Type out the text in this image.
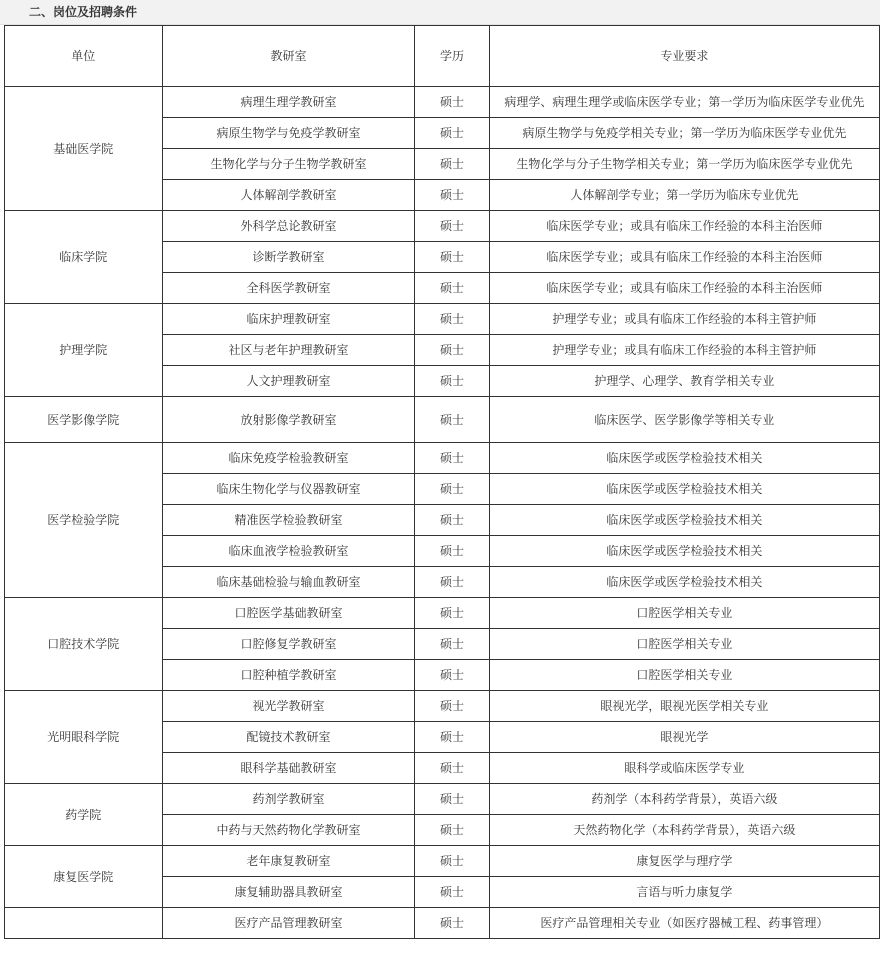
二、岗位及招聘条件
单位	教研室	学历	专业要求
基础医学院	病理生理学教研室	硕士	病理学、病理生理学或临床医学专业；第一学历为临床医学专业优先
	病原生物学与免疫学教研室	硕士	病原生物学与免疫学相关专业；第一学历为临床医学专业优先
	生物化学与分子生物学教研室	硕士	生物化学与分子生物学相关专业；第一学历为临床医学专业优先
	人体解剖学教研室	硕士	人体解剖学专业；第一学历为临床专业优先
临床学院	外科学总论教研室	硕士	临床医学专业；或具有临床工作经验的本科主治医师
	诊断学教研室	硕士	临床医学专业；或具有临床工作经验的本科主治医师
	全科医学教研室	硕士	临床医学专业；或具有临床工作经验的本科主治医师
护理学院	临床护理教研室	硕士	护理学专业；或具有临床工作经验的本科主管护师
	社区与老年护理教研室	硕士	护理学专业；或具有临床工作经验的本科主管护师
	人文护理教研室	硕士	护理学、心理学、教育学相关专业
医学影像学院	放射影像学教研室	硕士	临床医学、医学影像学等相关专业
医学检验学院	临床免疫学检验教研室	硕士	临床医学或医学检验技术相关
	临床生物化学与仪器教研室	硕士	临床医学或医学检验技术相关
	精准医学检验教研室	硕士	临床医学或医学检验技术相关
	临床血液学检验教研室	硕士	临床医学或医学检验技术相关
	临床基础检验与输血教研室	硕士	临床医学或医学检验技术相关
口腔技术学院	口腔医学基础教研室	硕士	口腔医学相关专业
	口腔修复学教研室	硕士	口腔医学相关专业
	口腔种植学教研室	硕士	口腔医学相关专业
光明眼科学院	视光学教研室	硕士	眼视光学，眼视光医学相关专业
	配镜技术教研室	硕士	眼视光学
	眼科学基础教研室	硕士	眼科学或临床医学专业
药学院	药剂学教研室	硕士	药剂学（本科药学背景），英语六级
	中药与天然药物化学教研室	硕士	天然药物化学（本科药学背景），英语六级
康复医学院	老年康复教研室	硕士	康复医学与理疗学
	康复辅助器具教研室	硕士	言语与听力康复学
	医疗产品管理教研室	硕士	医疗产品管理相关专业（如医疗器械工程、药事管理）
